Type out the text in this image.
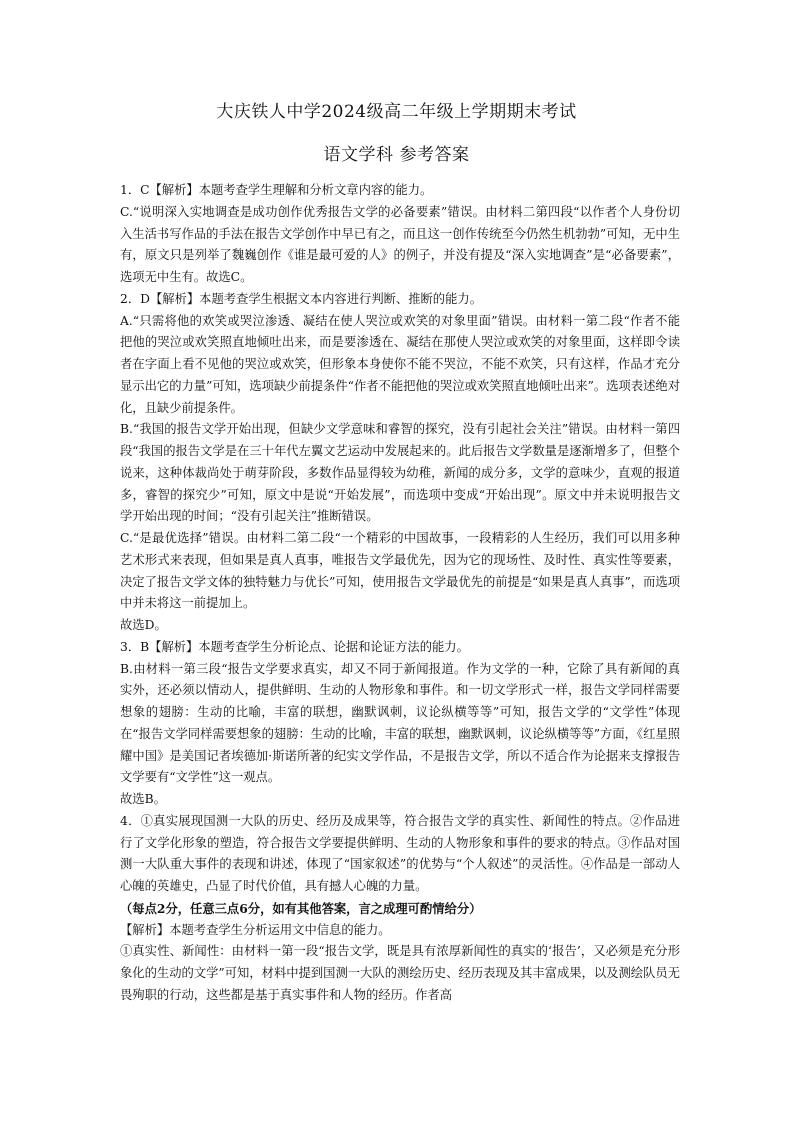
大庆铁人中学2024级高二年级上学期期末考试
语文学科 参考答案

1．C【解析】本题考查学生理解和分析文章内容的能力。

C.“说明深入实地调查是成功创作优秀报告文学的必备要素”错误。由材料二第四段“以作者个人身份切入生活书写作品的手法在报告文学创作中早已有之，而且这一创作传统至今仍然生机勃勃”可知，无中生有，原文只是列举了魏巍创作《谁是最可爱的人》的例子，并没有提及“深入实地调查”是“必备要素”，选项无中生有。故选C。

2．D【解析】本题考查学生根据文本内容进行判断、推断的能力。

A.“只需将他的欢笑或哭泣渗透、凝结在使人哭泣或欢笑的对象里面”错误。由材料一第二段“作者不能把他的哭泣或欢笑照直地倾吐出来，而是要渗透在、凝结在那使人哭泣或欢笑的对象里面，这样即令读者在字面上看不见他的哭泣或欢笑，但形象本身使你不能不哭泣，不能不欢笑，只有这样，作品才充分显示出它的力量”可知，选项缺少前提条件“作者不能把他的哭泣或欢笑照直地倾吐出来”。选项表述绝对化，且缺少前提条件。

B.“我国的报告文学开始出现，但缺少文学意味和睿智的探究，没有引起社会关注”错误。由材料一第四段“我国的报告文学是在三十年代左翼文艺运动中发展起来的。此后报告文学数量是逐渐增多了，但整个说来，这种体裁尚处于萌芽阶段，多数作品显得较为幼稚，新闻的成分多，文学的意味少，直观的报道多，睿智的探究少”可知，原文中是说“开始发展”，而选项中变成“开始出现”。原文中并未说明报告文学开始出现的时间；“没有引起关注”推断错误。

C.“是最优选择”错误。由材料二第二段“一个精彩的中国故事，一段精彩的人生经历，我们可以用多种艺术形式来表现，但如果是真人真事，唯报告文学最优先，因为它的现场性、及时性、真实性等要素，决定了报告文学文体的独特魅力与优长”可知，使用报告文学最优先的前提是“如果是真人真事”，而选项中并未将这一前提加上。

故选D。

3．B【解析】本题考查学生分析论点、论据和论证方法的能力。

B.由材料一第三段“报告文学要求真实，却又不同于新闻报道。作为文学的一种，它除了具有新闻的真实外，还必须以情动人，提供鲜明、生动的人物形象和事件。和一切文学形式一样，报告文学同样需要想象的翅膀：生动的比喻，丰富的联想，幽默讽刺，议论纵横等等”可知，报告文学的“文学性”体现在“报告文学同样需要想象的翅膀：生动的比喻，丰富的联想，幽默讽刺，议论纵横等等”方面，《红星照耀中国》是美国记者埃德加·斯诺所著的纪实文学作品，不是报告文学，所以不适合作为论据来支撑报告文学要有“文学性”这一观点。

故选B。

4．①真实展现国测一大队的历史、经历及成果等，符合报告文学的真实性、新闻性的特点。②作品进行了文学化形象的塑造，符合报告文学要提供鲜明、生动的人物形象和事件的要求的特点。③作品对国测一大队重大事件的表现和讲述，体现了“国家叙述”的优势与“个人叙述”的灵活性。④作品是一部动人心魄的英雄史，凸显了时代价值，具有撼人心魄的力量。

（每点2分，任意三点6分，如有其他答案，言之成理可酌情给分）

【解析】本题考查学生分析运用文中信息的能力。

①真实性、新闻性：由材料一第一段“报告文学，既是具有浓厚新闻性的真实的‘报告’，又必须是充分形象化的生动的文学”可知，材料中提到国测一大队的测绘历史、经历表现及其丰富成果，以及测绘队员无畏殉职的行动，这些都是基于真实事件和人物的经历。作者高
